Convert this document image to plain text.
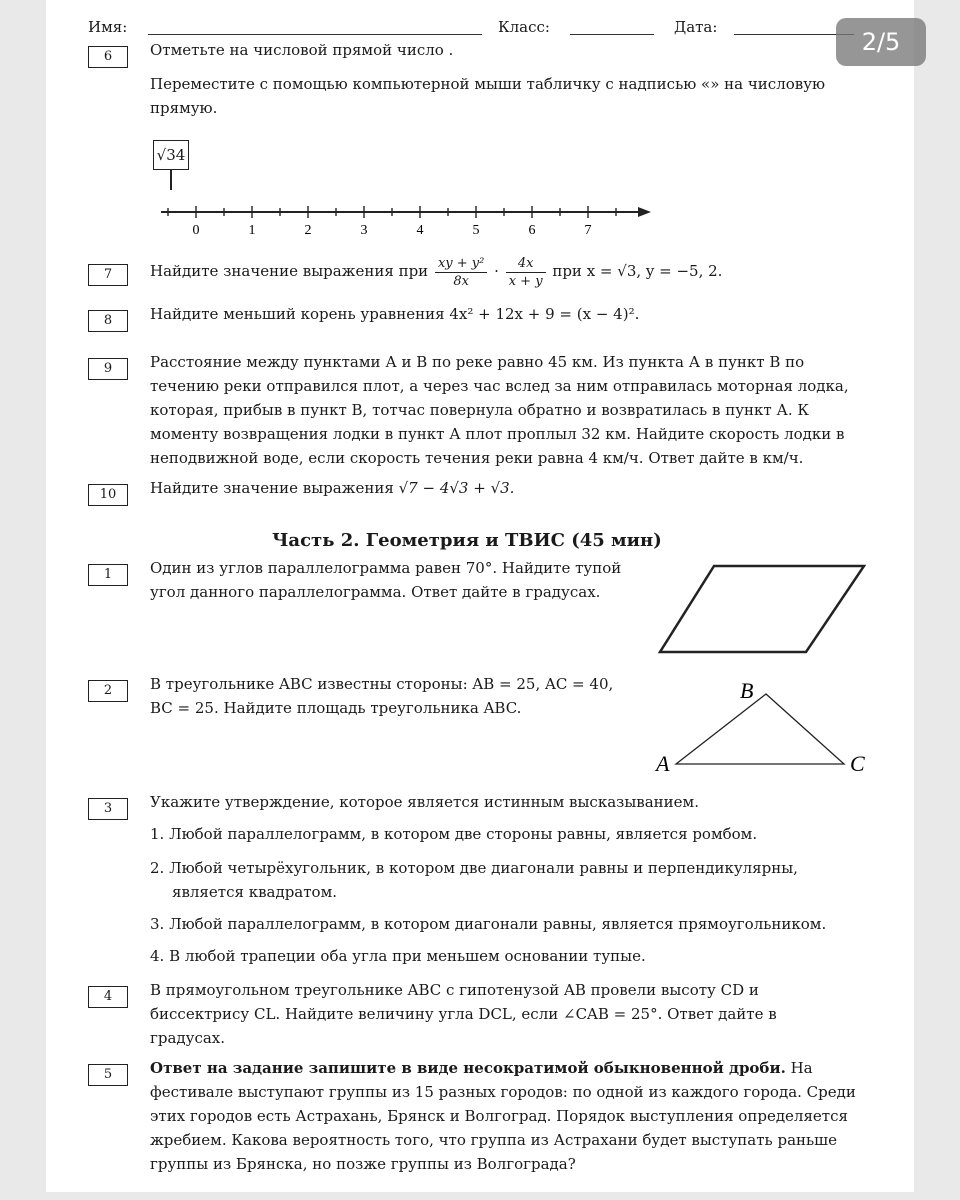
Имя:	Класс:	Дата:
6	Отметьте на числовой прямой число .
Переместите с помощью компьютерной мыши табличку с надписью «» на числовую прямую.
√34
0	1	2	3	4	5	6	7
7	Найдите значение выражения при $\frac{\text{xy + y²}}{8x} \cdot \frac{4x}{x + y}$ при x = √3, y = −5, 2.
8	Найдите меньший корень уравнения 4x² + 12x + 9 = (x − 4)².
9	Расстояние между пунктами А и В по реке равно 45 км. Из пункта А в пункт В по
течению реки отправился плот, а через час вслед за ним отправилась моторная лодка,
которая, прибыв в пункт В, тотчас повернула обратно и возвратилась в пункт А. К
моменту возвращения лодки в пункт А плот проплыл 32 км. Найдите скорость лодки в
неподвижной воде, если скорость течения реки равна 4 км/ч. Ответ дайте в км/ч.
10	Найдите значение выражения √7 − 4√3 + √3.
Часть 2. Геометрия и ТВИС (45 мин)
1	Один из углов параллелограмма равен 70°. Найдите тупой
угол данного параллелограмма. Ответ дайте в градусах.
2	В треугольнике ABC известны стороны: AB = 25, AC = 40,
BC = 25. Найдите площадь треугольника ABC.
A
B
C
3	Укажите утверждение, которое является истинным высказыванием.
1. Любой параллелограмм, в котором две стороны равны, является ромбом.
2. Любой четырёхугольник, в котором две диагонали равны и перпендикулярны,
является квадратом.
3. Любой параллелограмм, в котором диагонали равны, является прямоугольником.
4. В любой трапеции оба угла при меньшем основании тупые.
4	В прямоугольном треугольнике ABC с гипотенузой AB провели высоту CD и
биссектрису CL. Найдите величину угла DCL, если ∠CAB = 25°. Ответ дайте в
градусах.
5	Ответ на задание запишите в виде несократимой обыкновенной дроби. На
фестивале выступают группы из 15 разных городов: по одной из каждого города. Среди
этих городов есть Астрахань, Брянск и Волгоград. Порядок выступления определяется
жребием. Какова вероятность того, что группа из Астрахани будет выступать раньше
группы из Брянска, но позже группы из Волгограда?
2/5
